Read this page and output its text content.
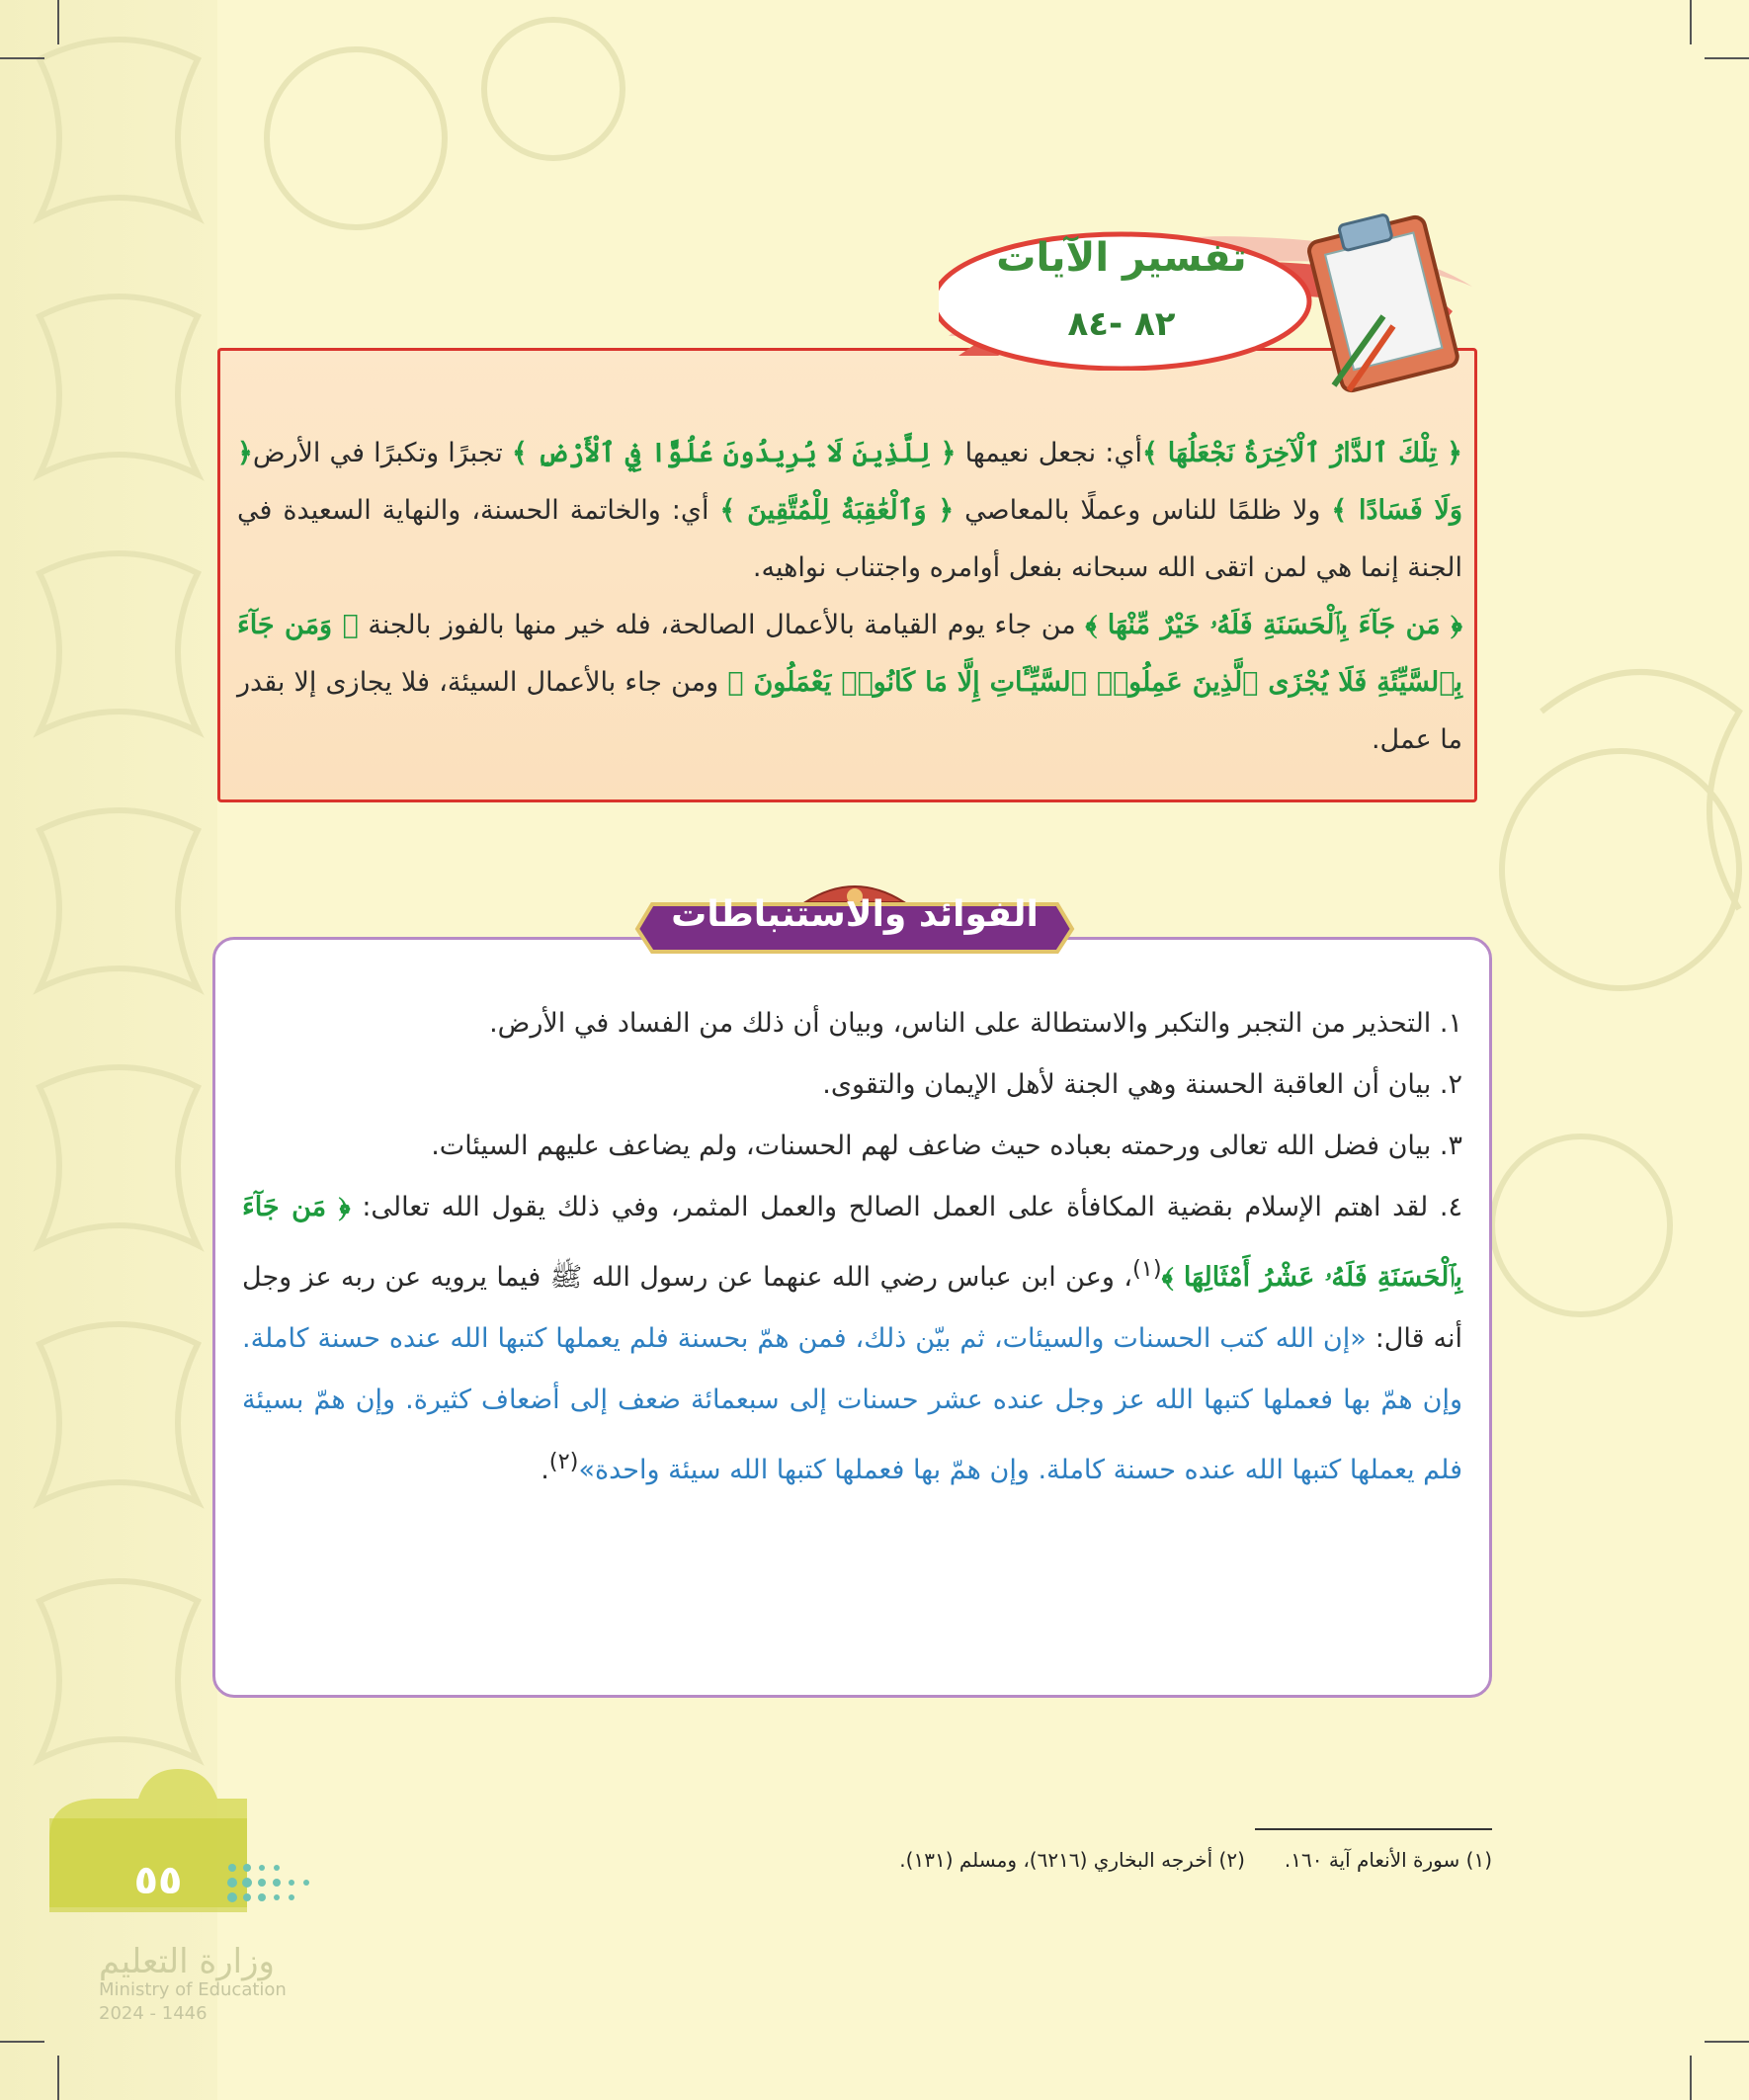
تفسير الآيات
٨٢ -٨٤
﴿ تِلْكَ ٱلدَّارُ ٱلْآخِرَةُ نَجْعَلُهَا ﴾أي: نجعل نعيمها ﴿ لِلَّذِينَ لَا يُرِيدُونَ عُلُوًّا فِي ٱلْأَرْضِ ﴾ تجبرًا وتكبرًا في الأرض﴿ وَلَا فَسَادًا ﴾ ولا ظلمًا للناس وعملًا بالمعاصي ﴿ وَٱلْعَٰقِبَةُ لِلْمُتَّقِينَ ﴾ أي: والخاتمة الحسنة، والنهاية السعيدة في الجنة إنما هي لمن اتقى الله سبحانه بفعل أوامره واجتناب نواهيه.
﴿ مَن جَآءَ بِٱلْحَسَنَةِ فَلَهُۥ خَيْرٌ مِّنْهَا ﴾ من جاء يوم القيامة بالأعمال الصالحة، فله خير منها بالفوز بالجنة ﴿ وَمَن جَآءَ بِٱلسَّيِّئَةِ فَلَا يُجْزَى ٱلَّذِينَ عَمِلُوا۟ ٱلسَّيِّـَٔاتِ إِلَّا مَا كَانُوا۟ يَعْمَلُونَ ﴾ ومن جاء بالأعمال السيئة، فلا يجازى إلا بقدر ما عمل.
الفوائد والاستنباطات

١. التحذير من التجبر والتكبر والاستطالة على الناس، وبيان أن ذلك من الفساد في الأرض.

٢. بيان أن العاقبة الحسنة وهي الجنة لأهل الإيمان والتقوى.

٣. بيان فضل الله تعالى ورحمته بعباده حيث ضاعف لهم الحسنات، ولم يضاعف عليهم السيئات.

٤. لقد اهتم الإسلام بقضية المكافأة على العمل الصالح والعمل المثمر، وفي ذلك يقول الله تعالى: ﴿ مَن جَآءَ بِٱلْحَسَنَةِ فَلَهُۥ عَشْرُ أَمْثَالِهَا ﴾$^{(١)}$، وعن ابن عباس رضي الله عنهما عن رسول الله ﷺ فيما يرويه عن ربه عز وجل أنه قال: «إن الله كتب الحسنات والسيئات، ثم بيّن ذلك، فمن همّ بحسنة فلم يعملها كتبها الله عنده حسنة كاملة. وإن همّ بها فعملها كتبها الله عز وجل عنده عشر حسنات إلى سبعمائة ضعف إلى أضعاف كثيرة. وإن همّ بسيئة فلم يعملها كتبها الله عنده حسنة كاملة. وإن همّ بها فعملها كتبها الله سيئة واحدة»$^{(٢)}$.

(١) سورة الأنعام آية ١٦٠.(٢) أخرجه البخاري (٦٢١٦)، ومسلم (١٣١).
٥٥
وزارة التعليم
Ministry of Education
2024 - 1446
